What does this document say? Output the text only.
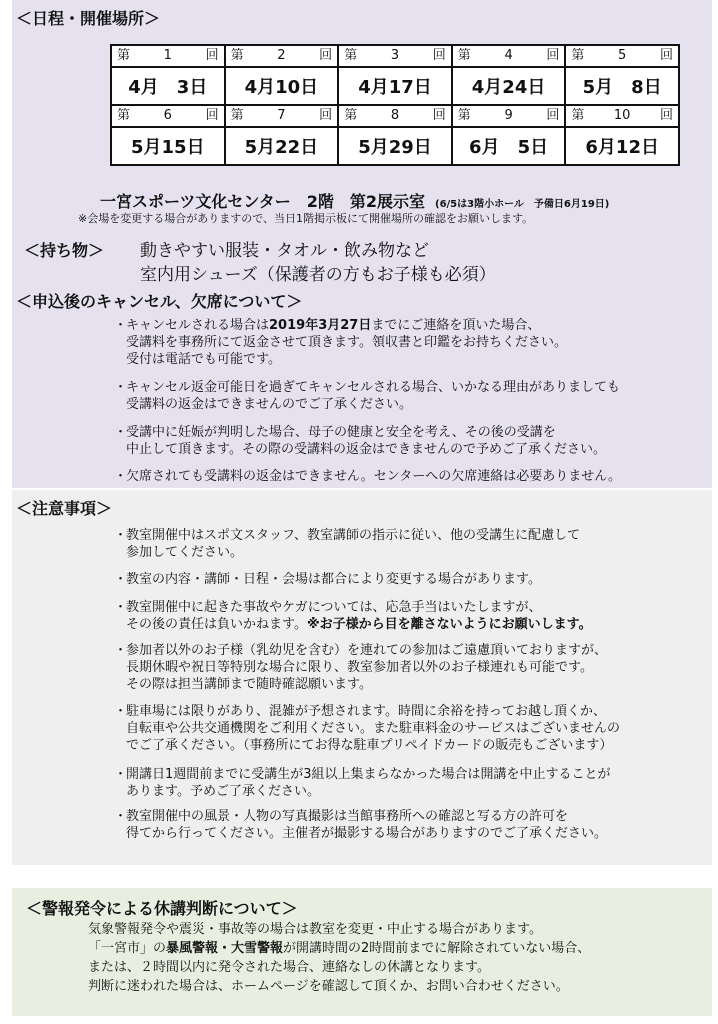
＜日程・開催場所＞
第 1 回	第 2 回	第 3 回	第 4 回	第 5 回

4月　3日	4月10日	4月17日	4月24日	5月　8日

第 6 回	第 7 回	第 8 回	第 9 回	第 10 回

5月15日	5月22日	5月29日	6月　5日	6月12日
一宮スポーツ文化センター　2階　第2展示室 (6/5は3階小ホール　予備日6月19日)
※会場を変更する場合がありますので、当日1階掲示板にて開催場所の確認をお願いします。
＜持ち物＞ 動きやすい服装・タオル・飲み物など
室内用シューズ（保護者の方もお子様も必須）
＜申込後のキャンセル、欠席について＞
・
キャンセルされる場合は2019年3月27日までにご連絡を頂いた場合、
受講料を事務所にて返金させて頂きます。領収書と印鑑をお持ちください。
受付は電話でも可能です。
・
キャンセル返金可能日を過ぎてキャンセルされる場合、いかなる理由がありましても
受講料の返金はできませんのでご了承ください。
・
受講中に妊娠が判明した場合、母子の健康と安全を考え、その後の受講を
中止して頂きます。その際の受講料の返金はできませんので予めご了承ください。
・
欠席されても受講料の返金はできません。センターへの欠席連絡は必要ありません。
＜注意事項＞
・
教室開催中はスポ文スタッフ、教室講師の指示に従い、他の受講生に配慮して
参加してください。
・
教室の内容・講師・日程・会場は都合により変更する場合があります。
・
教室開催中に起きた事故やケガについては、応急手当はいたしますが、
その後の責任は負いかねます。※お子様から目を離さないようにお願いします。
・
参加者以外のお子様（乳幼児を含む）を連れての参加はご遠慮頂いておりますが、
長期休暇や祝日等特別な場合に限り、教室参加者以外のお子様連れも可能です。
その際は担当講師まで随時確認願います。
・
駐車場には限りがあり、混雑が予想されます。時間に余裕を持ってお越し頂くか、
自転車や公共交通機関をご利用ください。また駐車料金のサービスはございませんの
でご了承ください。（事務所にてお得な駐車プリペイドカードの販売もございます）
・
開講日1週間前までに受講生が3組以上集まらなかった場合は開講を中止することが
あります。予めご了承ください。
・
教室開催中の風景・人物の写真撮影は当館事務所への確認と写る方の許可を
得てから行ってください。主催者が撮影する場合がありますのでご了承ください。
＜警報発令による休講判断について＞
気象警報発令や震災・事故等の場合は教室を変更・中止する場合があります。
「一宮市」の暴風警報・大雪警報が開講時間の2時間前までに解除されていない場合、
または、２時間以内に発令された場合、連絡なしの休講となります。
判断に迷われた場合は、ホームページを確認して頂くか、お問い合わせください。
